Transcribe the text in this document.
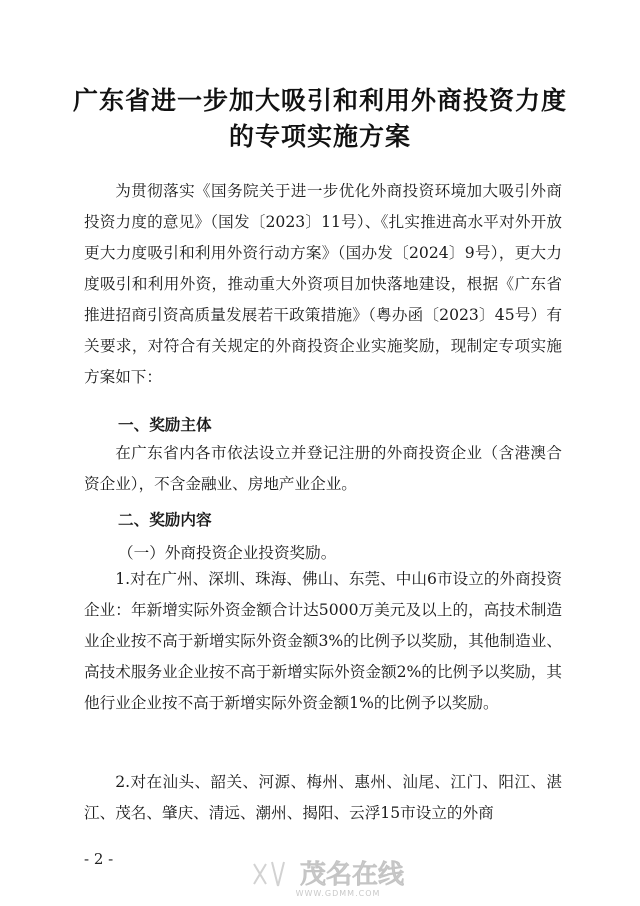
广东省进一步加大吸引和利用外商投资力度
的专项实施方案
为贯彻落实《国务院关于进一步优化外商投资环境加大吸引外商投资力度的意见》（国发〔2023〕11号）、《扎实推进高水平对外开放更大力度吸引和利用外资行动方案》（国办发〔2024〕9号），更大力度吸引和利用外资，推动重大外资项目加快落地建设，根据《广东省推进招商引资高质量发展若干政策措施》（粤办函〔2023〕45号）有关要求，对符合有关规定的外商投资企业实施奖励，现制定专项实施方案如下：
一、奖励主体
在广东省内各市依法设立并登记注册的外商投资企业（含港澳合资企业），不含金融业、房地产业企业。
二、奖励内容
（一）外商投资企业投资奖励。
1.对在广州、深圳、珠海、佛山、东莞、中山6市设立的外商投资企业：年新增实际外资金额合计达5000万美元及以上的，高技术制造业企业按不高于新增实际外资金额3%的比例予以奖励，其他制造业、高技术服务业企业按不高于新增实际外资金额2%的比例予以奖励，其他行业企业按不高于新增实际外资金额1%的比例予以奖励。
2.对在汕头、韶关、河源、梅州、惠州、汕尾、江门、阳江、湛江、茂名、肇庆、清远、潮州、揭阳、云浮15市设立的外商
- 2 -
茂名在线
WWW.GDMM.COM
